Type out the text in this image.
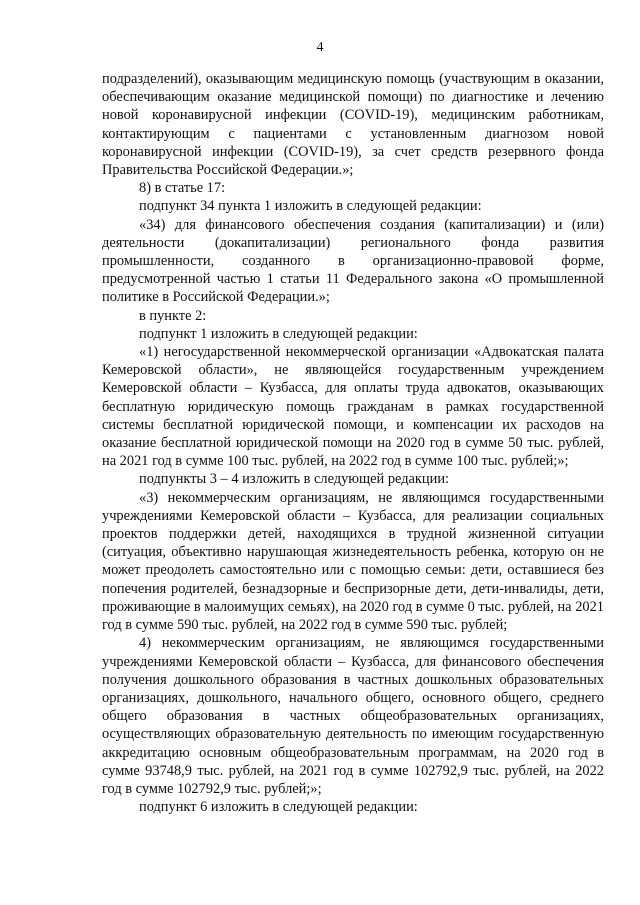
4

подразделений), оказывающим медицинскую помощь (участвующим в оказании, обеспечивающим оказание медицинской помощи) по диагностике и лечению новой коронавирусной инфекции (COVID-19), медицинским работникам, контактирующим с пациентами с установленным диагнозом новой коронавирусной инфекции (COVID-19), за счет средств резервного фонда Правительства Российской Федерации.»;

8) в статье 17:

подпункт 34 пункта 1 изложить в следующей редакции:

«34) для финансового обеспечения создания (капитализации) и (или) деятельности (докапитализации) регионального фонда развития промышленности, созданного в организационно-правовой форме, предусмотренной частью 1 статьи 11 Федерального закона «О промышленной политике в Российской Федерации.»;

в пункте 2:

подпункт 1 изложить в следующей редакции:

«1) негосударственной некоммерческой организации «Адвокатская палата Кемеровской области», не являющейся государственным учреждением Кемеровской области – Кузбасса, для оплаты труда адвокатов, оказывающих бесплатную юридическую помощь гражданам в рамках государственной системы бесплатной юридической помощи, и компенсации их расходов на оказание бесплатной юридической помощи на 2020 год в сумме 50 тыс. рублей, на 2021 год в сумме 100 тыс. рублей, на 2022 год в сумме 100 тыс. рублей;»;

подпункты 3 – 4 изложить в следующей редакции:

«3) некоммерческим организациям, не являющимся государственными учреждениями Кемеровской области – Кузбасса, для реализации социальных проектов поддержки детей, находящихся в трудной жизненной ситуации (ситуация, объективно нарушающая жизнедеятельность ребенка, которую он не может преодолеть самостоятельно или с помощью семьи: дети, оставшиеся без попечения родителей, безнадзорные и беспризорные дети, дети-инвалиды, дети, проживающие в малоимущих семьях), на 2020 год в сумме 0 тыс. рублей, на 2021 год в сумме 590 тыс. рублей, на 2022 год в сумме 590 тыс. рублей;

4) некоммерческим организациям, не являющимся государственными учреждениями Кемеровской области – Кузбасса, для финансового обеспечения получения дошкольного образования в частных дошкольных образовательных организациях, дошкольного, начального общего, основного общего, среднего общего образования в частных общеобразовательных организациях, осуществляющих образовательную деятельность по имеющим государственную аккредитацию основным общеобразовательным программам, на 2020 год в сумме 93748,9 тыс. рублей, на 2021 год в сумме 102792,9 тыс. рублей, на 2022 год в сумме 102792,9 тыс. рублей;»;

подпункт 6 изложить в следующей редакции:
